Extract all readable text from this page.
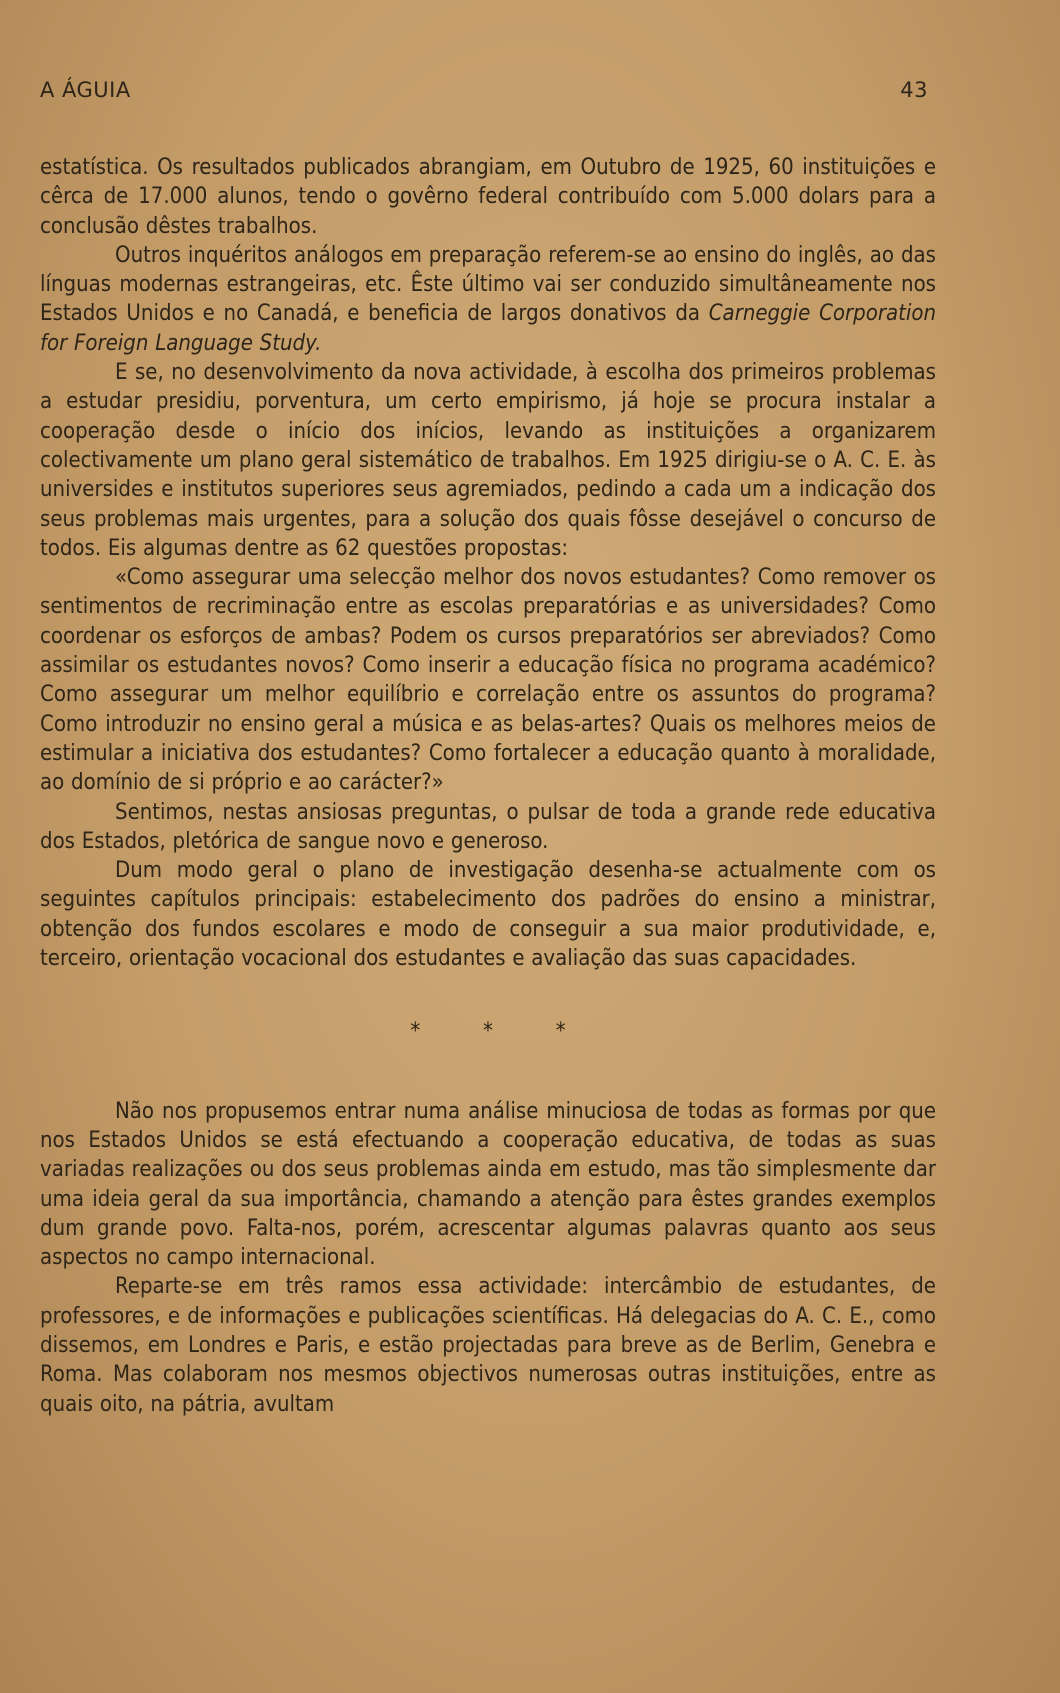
A ÁGUIA	43

estatística. Os resultados publicados abrangiam, em Outubro de 1925, 60 instituições e cêrca de 17.000 alunos, tendo o govêrno federal contribuído com 5.000 dolars para a conclusão dêstes trabalhos.

Outros inquéritos análogos em preparação referem-se ao ensino do inglês, ao das línguas modernas estrangeiras, etc. Êste último vai ser conduzido simultâneamente nos Estados Unidos e no Canadá, e beneficia de largos donativos da Carneggie Corporation for Foreign Language Study.

E se, no desenvolvimento da nova actividade, à escolha dos primeiros problemas a estudar presidiu, porventura, um certo empirismo, já hoje se procura instalar a cooperação desde o início dos inícios, levando as instituições a organizarem colectivamente um plano geral sistemático de trabalhos. Em 1925 dirigiu-se o A. C. E. às universides e institutos superiores seus agremiados, pedindo a cada um a indicação dos seus problemas mais urgentes, para a solução dos quais fôsse desejável o concurso de todos. Eis algumas dentre as 62 questões propostas:

«Como assegurar uma selecção melhor dos novos estudantes? Como remover os sentimentos de recriminação entre as escolas preparatórias e as universidades? Como coordenar os esforços de ambas? Podem os cursos preparatórios ser abreviados? Como assimilar os estudantes novos? Como inserir a educação física no programa académico? Como assegurar um melhor equilíbrio e correlação entre os assuntos do programa? Como introduzir no ensino geral a música e as belas-artes? Quais os melhores meios de estimular a iniciativa dos estudantes? Como fortalecer a educação quanto à moralidade, ao domínio de si próprio e ao carácter?»

Sentimos, nestas ansiosas preguntas, o pulsar de toda a grande rede educativa dos Estados, pletórica de sangue novo e generoso.

Dum modo geral o plano de investigação desenha-se actualmente com os seguintes capítulos principais: estabelecimento dos padrões do ensino a ministrar, obtenção dos fundos escolares e modo de conseguir a sua maior produtividade, e, terceiro, orientação vocacional dos estudantes e avaliação das suas capacidades.

* * *

Não nos propusemos entrar numa análise minuciosa de todas as formas por que nos Estados Unidos se está efectuando a cooperação educativa, de todas as suas variadas realizações ou dos seus problemas ainda em estudo, mas tão simplesmente dar uma ideia geral da sua importância, chamando a atenção para êstes grandes exemplos dum grande povo. Falta-nos, porém, acrescentar algumas palavras quanto aos seus aspectos no campo internacional.

Reparte-se em três ramos essa actividade: intercâmbio de estudantes, de professores, e de informações e publicações scientíficas. Há delegacias do A. C. E., como dissemos, em Londres e Paris, e estão projectadas para breve as de Berlim, Genebra e Roma. Mas colaboram nos mesmos objectivos numerosas outras instituições, entre as quais oito, na pátria, avultam
